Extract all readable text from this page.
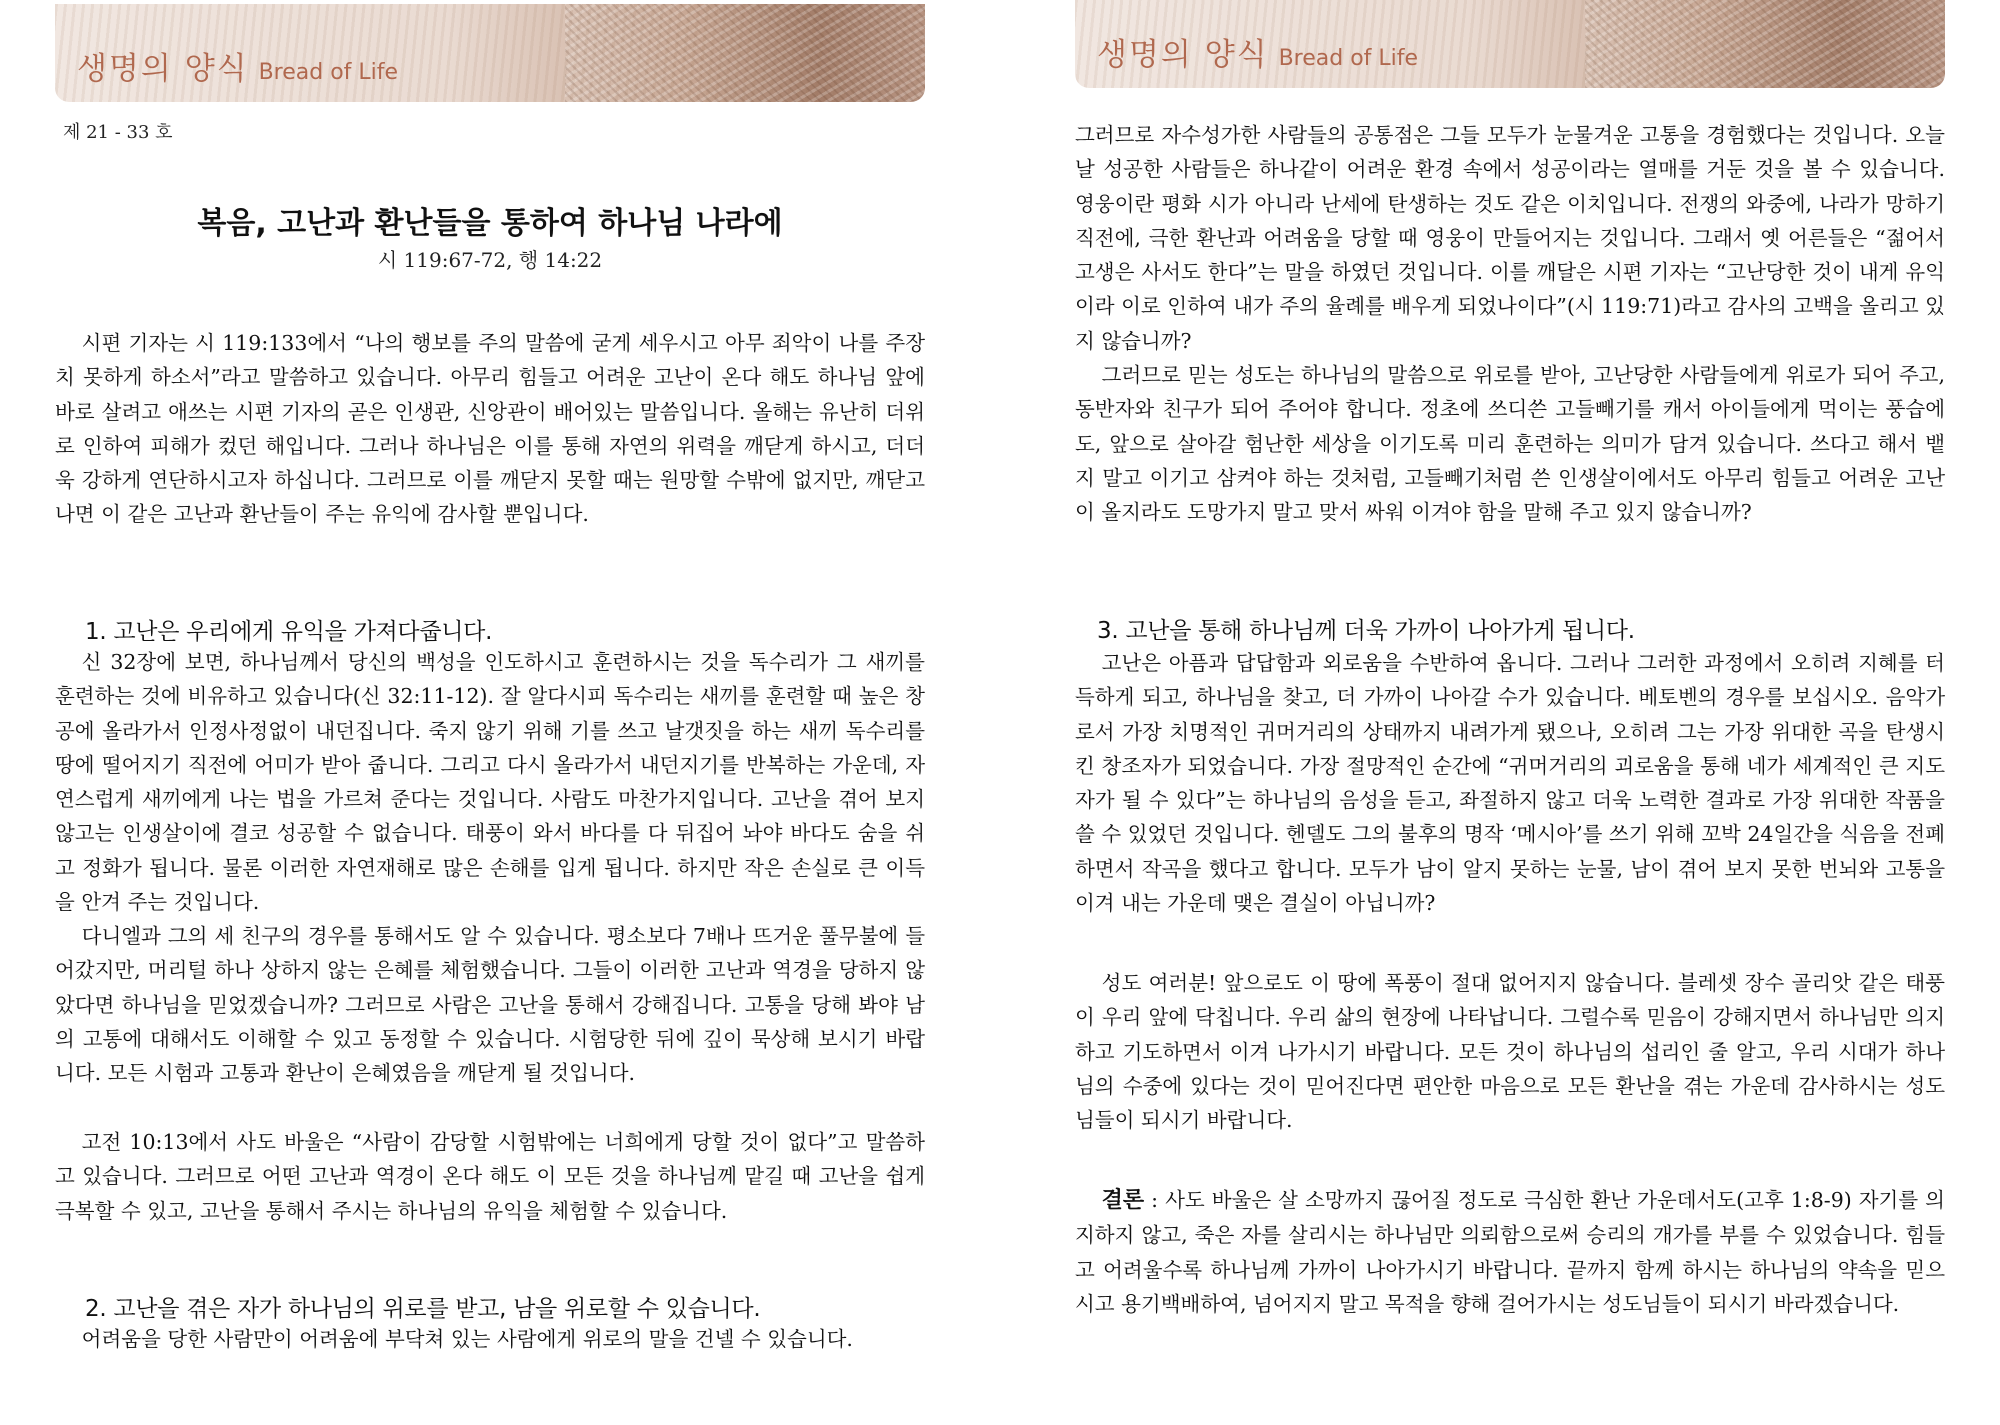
생명의 양식 Bread of Life
제 21 - 33 호
복음, 고난과 환난들을 통하여 하나님 나라에
시 119:67-72, 행 14:22

시편 기자는 시 119:133에서 “나의 행보를 주의 말씀에 굳게 세우시고 아무 죄악이 나를 주장치 못하게 하소서”라고 말씀하고 있습니다. 아무리 힘들고 어려운 고난이 온다 해도 하나님 앞에 바로 살려고 애쓰는 시편 기자의 곧은 인생관, 신앙관이 배어있는 말씀입니다. 올해는 유난히 더위로 인하여 피해가 컸던 해입니다. 그러나 하나님은 이를 통해 자연의 위력을 깨닫게 하시고, 더더욱 강하게 연단하시고자 하십니다. 그러므로 이를 깨닫지 못할 때는 원망할 수밖에 없지만, 깨닫고 나면 이 같은 고난과 환난들이 주는 유익에 감사할 뿐입니다.

1. 고난은 우리에게 유익을 가져다줍니다.

신 32장에 보면, 하나님께서 당신의 백성을 인도하시고 훈련하시는 것을 독수리가 그 새끼를 훈련하는 것에 비유하고 있습니다(신 32:11-12). 잘 알다시피 독수리는 새끼를 훈련할 때 높은 창공에 올라가서 인정사정없이 내던집니다. 죽지 않기 위해 기를 쓰고 날갯짓을 하는 새끼 독수리를 땅에 떨어지기 직전에 어미가 받아 줍니다. 그리고 다시 올라가서 내던지기를 반복하는 가운데, 자연스럽게 새끼에게 나는 법을 가르쳐 준다는 것입니다. 사람도 마찬가지입니다. 고난을 겪어 보지 않고는 인생살이에 결코 성공할 수 없습니다. 태풍이 와서 바다를 다 뒤집어 놔야 바다도 숨을 쉬고 정화가 됩니다. 물론 이러한 자연재해로 많은 손해를 입게 됩니다. 하지만 작은 손실로 큰 이득을 안겨 주는 것입니다.

다니엘과 그의 세 친구의 경우를 통해서도 알 수 있습니다. 평소보다 7배나 뜨거운 풀무불에 들어갔지만, 머리털 하나 상하지 않는 은혜를 체험했습니다. 그들이 이러한 고난과 역경을 당하지 않았다면 하나님을 믿었겠습니까? 그러므로 사람은 고난을 통해서 강해집니다. 고통을 당해 봐야 남의 고통에 대해서도 이해할 수 있고 동정할 수 있습니다. 시험당한 뒤에 깊이 묵상해 보시기 바랍니다. 모든 시험과 고통과 환난이 은혜였음을 깨닫게 될 것입니다.

고전 10:13에서 사도 바울은 “사람이 감당할 시험밖에는 너희에게 당할 것이 없다”고 말씀하고 있습니다. 그러므로 어떤 고난과 역경이 온다 해도 이 모든 것을 하나님께 맡길 때 고난을 쉽게 극복할 수 있고, 고난을 통해서 주시는 하나님의 유익을 체험할 수 있습니다.

2. 고난을 겪은 자가 하나님의 위로를 받고, 남을 위로할 수 있습니다.

어려움을 당한 사람만이 어려움에 부닥쳐 있는 사람에게 위로의 말을 건넬 수 있습니다.

생명의 양식 Bread of Life

그러므로 자수성가한 사람들의 공통점은 그들 모두가 눈물겨운 고통을 경험했다는 것입니다. 오늘날 성공한 사람들은 하나같이 어려운 환경 속에서 성공이라는 열매를 거둔 것을 볼 수 있습니다. 영웅이란 평화 시가 아니라 난세에 탄생하는 것도 같은 이치입니다. 전쟁의 와중에, 나라가 망하기 직전에, 극한 환난과 어려움을 당할 때 영웅이 만들어지는 것입니다. 그래서 옛 어른들은 “젊어서 고생은 사서도 한다”는 말을 하였던 것입니다. 이를 깨달은 시편 기자는 “고난당한 것이 내게 유익이라 이로 인하여 내가 주의 율례를 배우게 되었나이다”(시 119:71)라고 감사의 고백을 올리고 있지 않습니까?

그러므로 믿는 성도는 하나님의 말씀으로 위로를 받아, 고난당한 사람들에게 위로가 되어 주고, 동반자와 친구가 되어 주어야 합니다. 정초에 쓰디쓴 고들빼기를 캐서 아이들에게 먹이는 풍습에도, 앞으로 살아갈 험난한 세상을 이기도록 미리 훈련하는 의미가 담겨 있습니다. 쓰다고 해서 뱉지 말고 이기고 삼켜야 하는 것처럼, 고들빼기처럼 쓴 인생살이에서도 아무리 힘들고 어려운 고난이 올지라도 도망가지 말고 맞서 싸워 이겨야 함을 말해 주고 있지 않습니까?

3. 고난을 통해 하나님께 더욱 가까이 나아가게 됩니다.

고난은 아픔과 답답함과 외로움을 수반하여 옵니다. 그러나 그러한 과정에서 오히려 지혜를 터득하게 되고, 하나님을 찾고, 더 가까이 나아갈 수가 있습니다. 베토벤의 경우를 보십시오. 음악가로서 가장 치명적인 귀머거리의 상태까지 내려가게 됐으나, 오히려 그는 가장 위대한 곡을 탄생시킨 창조자가 되었습니다. 가장 절망적인 순간에 “귀머거리의 괴로움을 통해 네가 세계적인 큰 지도자가 될 수 있다”는 하나님의 음성을 듣고, 좌절하지 않고 더욱 노력한 결과로 가장 위대한 작품을 쓸 수 있었던 것입니다. 헨델도 그의 불후의 명작 ‘메시아’를 쓰기 위해 꼬박 24일간을 식음을 전폐하면서 작곡을 했다고 합니다. 모두가 남이 알지 못하는 눈물, 남이 겪어 보지 못한 번뇌와 고통을 이겨 내는 가운데 맺은 결실이 아닙니까?

성도 여러분! 앞으로도 이 땅에 폭풍이 절대 없어지지 않습니다. 블레셋 장수 골리앗 같은 태풍이 우리 앞에 닥칩니다. 우리 삶의 현장에 나타납니다. 그럴수록 믿음이 강해지면서 하나님만 의지하고 기도하면서 이겨 나가시기 바랍니다. 모든 것이 하나님의 섭리인 줄 알고, 우리 시대가 하나님의 수중에 있다는 것이 믿어진다면 편안한 마음으로 모든 환난을 겪는 가운데 감사하시는 성도님들이 되시기 바랍니다.

결론 : 사도 바울은 살 소망까지 끊어질 정도로 극심한 환난 가운데서도(고후 1:8-9) 자기를 의지하지 않고, 죽은 자를 살리시는 하나님만 의뢰함으로써 승리의 개가를 부를 수 있었습니다. 힘들고 어려울수록 하나님께 가까이 나아가시기 바랍니다. 끝까지 함께 하시는 하나님의 약속을 믿으시고 용기백배하여, 넘어지지 말고 목적을 향해 걸어가시는 성도님들이 되시기 바라겠습니다.
